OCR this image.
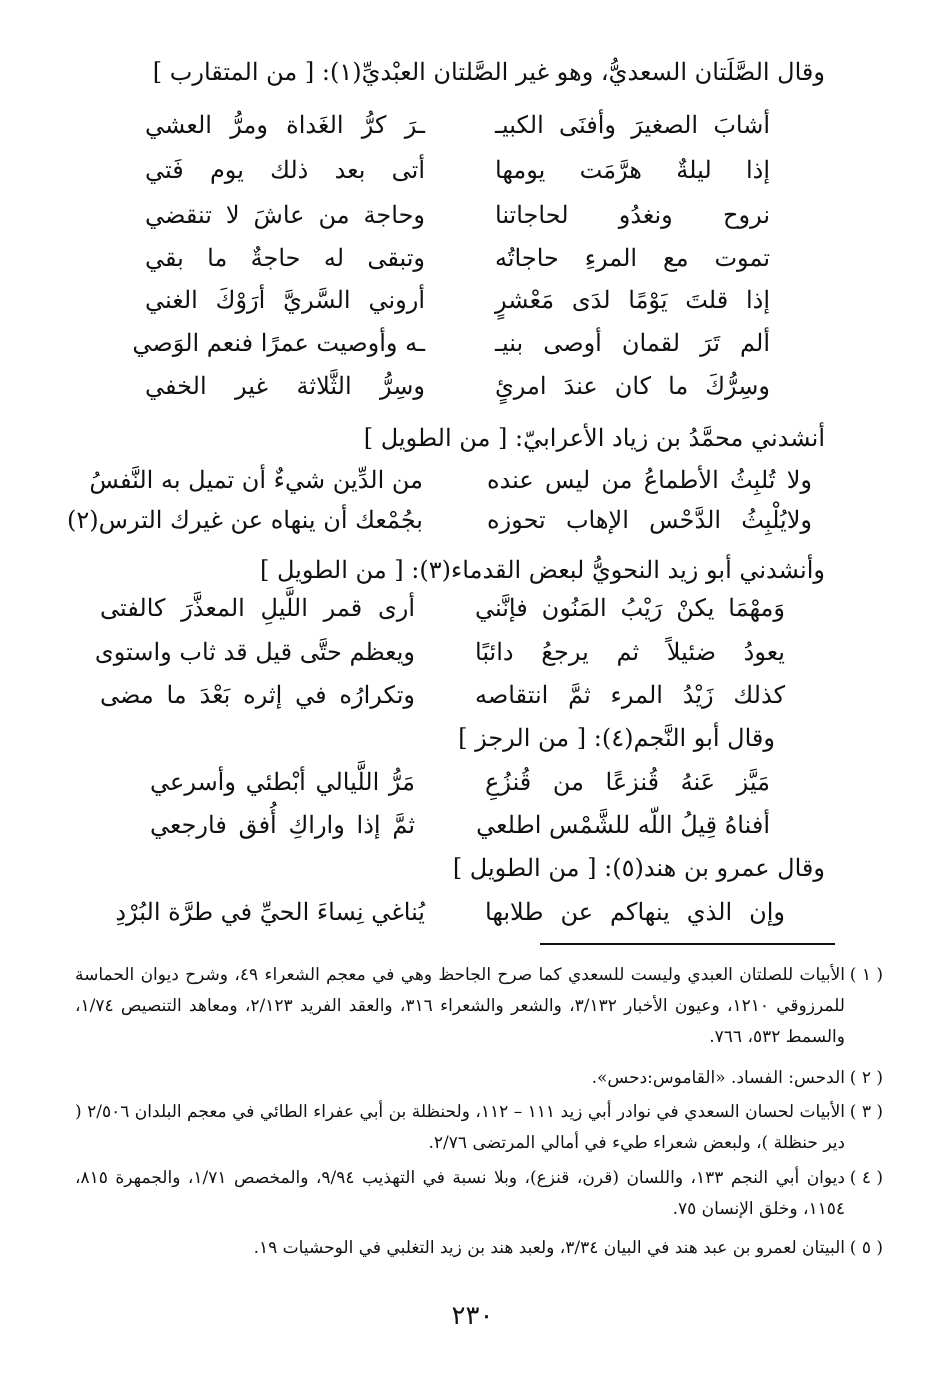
وقال الصَّلَتان السعديُّ، وهو غير الصَّلتان العبْديِّ(١): [ من المتقارب ]
أشابَ الصغيرَ وأفنَى الكبيـ
ـرَ كرُّ الغَداة ومرُّ العشي
إذا ليلةٌ هرَّمَت يومها
أتى بعد ذلك يوم فَتي
نروح ونغدُو لحاجاتنا
وحاجة من عاشَ لا تنقضي
تموت مع المرءِ حاجاتُه
وتبقى له حاجةٌ ما بقي
إذا قلتَ يَوْمًا لدَى مَعْشرٍ
أروني السَّريَّ أرَوْكَ الغني
ألم تَرَ لقمان أوصى بنيـ
ـه وأوصيت عمرًا فنعم الوَصي
وسِرُّكَ ما كان عندَ امرئٍ
وسِرُّ الثَّلاثة غير الخفي
أنشدني محمَّدُ بن زياد الأعرابيّ: [ من الطويل ]
ولا تُلبِثُ الأطماعُ من ليس عنده
من الدِّين شيءٌ أن تميل به النَّفسُ
ولايُلْبِثُ الدَّحْس الإهاب تحوزه
بجُمْعك أن ينهاه عن غيرك الترس(٢)
وأنشدني أبو زيد النحويُّ لبعض القدماء(٣): [ من الطويل ]
وَمهْمَا يكنْ رَيْبُ المَنُون فإنَّني
أرى قمر اللَّيلِ المعذَّرَ كالفتى
يعودُ ضئيلاً ثم يرجعُ دائبًا
ويعظم حتَّى قيل قد ثاب واستوى
كذلك زَيْدُ المرء ثمَّ انتقاصه
وتكرارُه في إثره بَعْدَ ما مضى
وقال أبو النَّجم(٤): [ من الرجز ]
مَيَّز عَنهُ قُنزعًا من قُنزُعِ
مَرُّ اللَّيالي أبْطئي وأسرعي
أفناهُ قِيلُ اللّه للشَّمْس اطلعي
ثمَّ إذا واراكِ أُفق فارجعي
وقال عمرو بن هند(٥): [ من الطويل ]
وإن الذي ينهاكم عن طلابها
يُناغي نِساءَ الحيِّ في طرَّة البُرْدِ
( ١ )
الأبيات للصلتان العبدي وليست للسعدي كما صرح الجاحظ وهي في معجم الشعراء ٤٩، وشرح ديوان الحماسة للمرزوقي ١٢١٠، وعيون الأخبار ٣/١٣٢، والشعر والشعراء ٣١٦، والعقد الفريد ٢/١٢٣، ومعاهد التنصيص ١/٧٤، والسمط ٥٣٢، ٧٦٦.
( ٢ )
الدحس: الفساد. «القاموس:دحس».
( ٣ )
الأبيات لحسان السعدي في نوادر أبي زيد ١١١ – ١١٢، ولحنظلة بن أبي عفراء الطائي في معجم البلدان ٢/٥٠٦ ( دير حنظلة )، ولبعض شعراء طيء في أمالي المرتضى ٢/٧٦.
( ٤ )
ديوان أبي النجم ١٣٣، واللسان (قرن، قنزع)، وبلا نسبة في التهذيب ٩/٩٤، والمخصص ١/٧١، والجمهرة ٨١٥، ١١٥٤، وخلق الإنسان ٧٥.
( ٥ )
البيتان لعمرو بن عبد هند في البيان ٣/٣٤، ولعبد هند بن زيد التغلبي في الوحشيات ١٩.
٢٣٠
